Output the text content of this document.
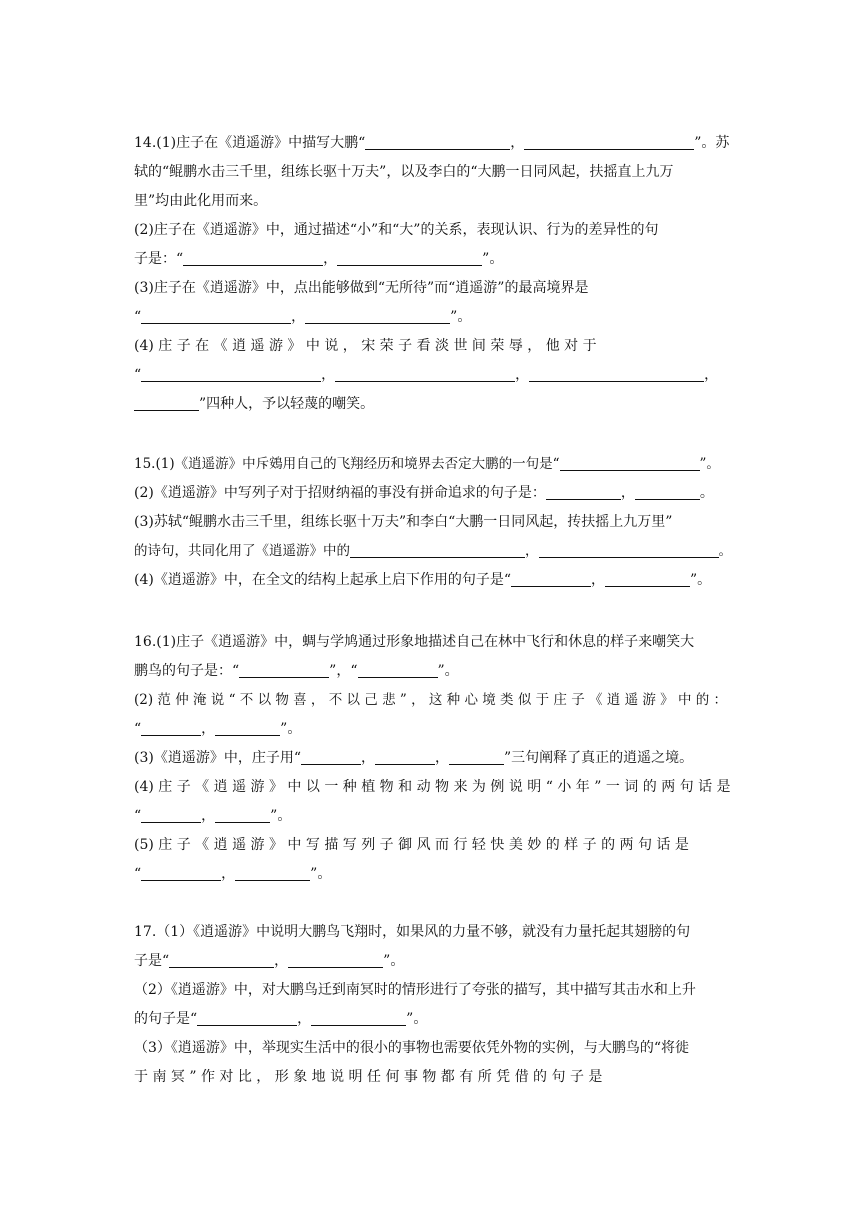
14.(1)庄子在《逍遥游》中描写大鹏“	，	”。苏
轼的“鲲鹏水击三千里，组练长驱十万夫”，以及李白的“大鹏一日同风起，扶摇直上九万
里”均由此化用而来。
(2)庄子在《逍遥游》中，通过描述“小”和“大”的关系，表现认识、行为的差异性的句
子是：“	，	”。
(3)庄子在《逍遥游》中，点出能够做到“无所待”而“逍遥游”的最高境界是
“	，	”。
(4) 庄 子 在 《 逍 遥 游 》 中 说 ， 宋 荣 子 看 淡 世 间 荣 辱 ， 他 对 于
“	，	，	，
”四种人，予以轻蔑的嘲笑。
15.(1)《逍遥游》中斥鴳用自己的飞翔经历和境界去否定大鹏的一句是“	”。
(2)《逍遥游》中写列子对于招财纳福的事没有拼命追求的句子是：	，	。
(3)苏轼“鲲鹏水击三千里，组练长驱十万夫”和李白“大鹏一日同风起，抟扶摇上九万里”
的诗句，共同化用了《逍遥游》中的	，	。
(4)《逍遥游》中，在全文的结构上起承上启下作用的句子是“	，	”。
16.(1)庄子《逍遥游》中，蜩与学鸠通过形象地描述自己在林中飞行和休息的样子来嘲笑大
鹏鸟的句子是：“	”，“	”。
(2) 范 仲 淹 说 “ 不 以 物 喜 ， 不 以 己 悲 ” ， 这 种 心 境 类 似 于 庄 子 《 逍 遥 游 》 中 的 ：
“	，	”。
(3)《逍遥游》中，庄子用“	，	，	”三句阐释了真正的逍遥之境。
(4) 庄 子 《 逍 遥 游 》 中 以 一 种 植 物 和 动 物 来 为 例 说 明 “ 小 年 ” 一 词 的 两 句 话 是
“	，	”。
(5) 庄 子 《 逍 遥 游 》 中 写 描 写 列 子 御 风 而 行 轻 快 美 妙 的 样 子 的 两 句 话 是
“	，	”。
17.（1）《逍遥游》中说明大鹏鸟飞翔时，如果风的力量不够，就没有力量托起其翅膀的句
子是“	，	”。
（2）《逍遥游》中，对大鹏鸟迁到南冥时的情形进行了夸张的描写，其中描写其击水和上升
的句子是“	，	”。
（3）《逍遥游》中，举现实生活中的很小的事物也需要依凭外物的实例，与大鹏鸟的“将徙
于 南 冥 ” 作 对 比 ， 形 象 地 说 明 任 何 事 物 都 有 所 凭 借 的 句 子 是
